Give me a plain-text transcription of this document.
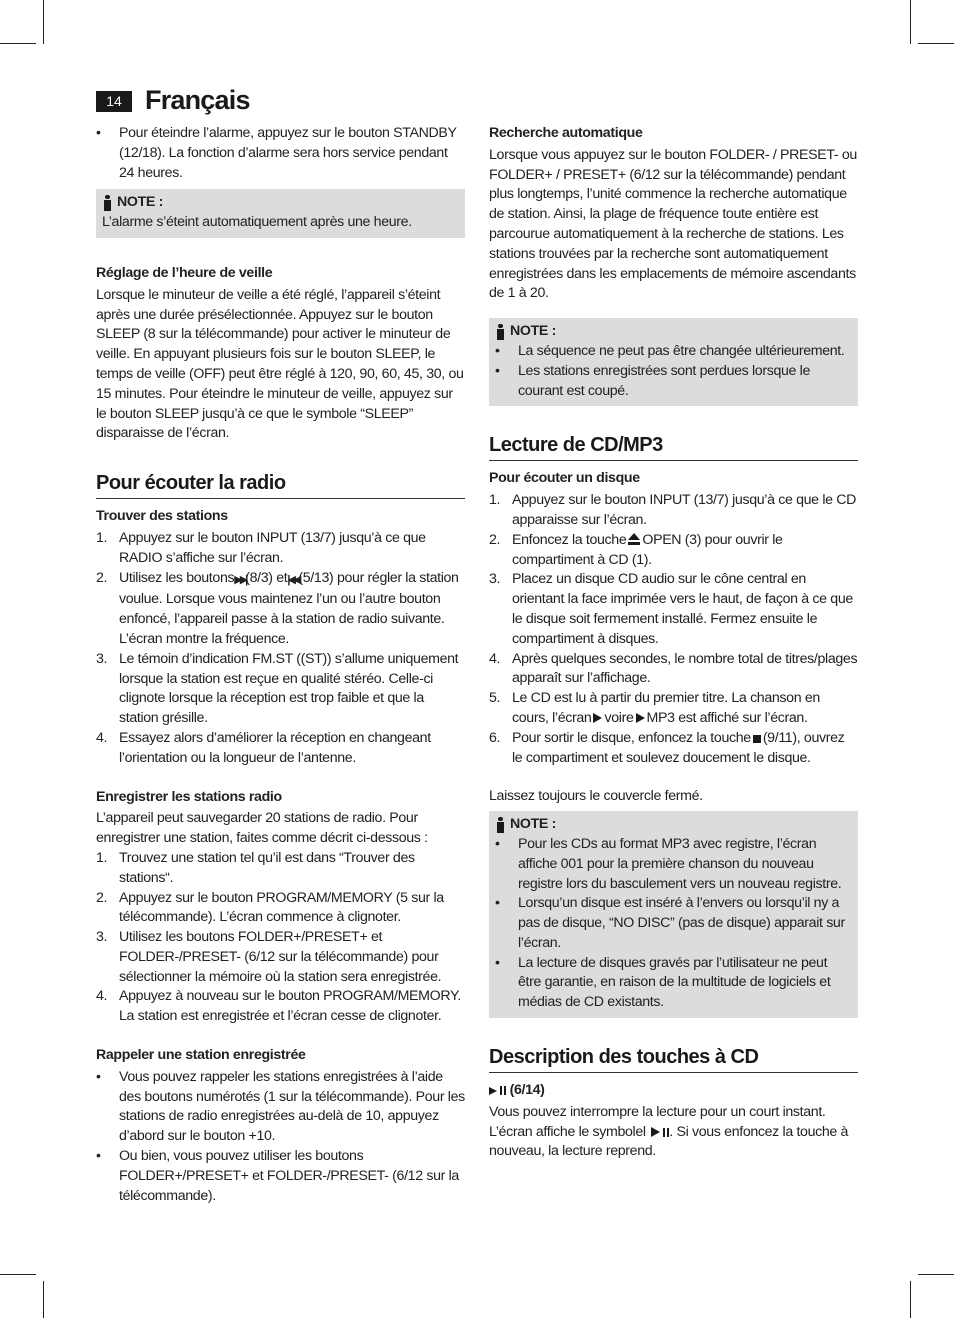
14 Français
• Pour éteindre l’alarme, appuyez sur le bouton STANDBY (12/18). La fonction d’alarme sera hors service pendant 24 heures.
NOTE :

L’alarme s’éteint automatiquement après une heure.

Réglage de l’heure de veille

Lorsque le minuteur de veille a été réglé, l’appareil s’éteint après une durée présélectionnée. Appuyez sur le bouton SLEEP (8 sur la télécommande) pour activer le minuteur de veille. En appuyant plusieurs fois sur le bouton SLEEP, le temps de veille (OFF) peut être réglé à 120, 90, 60, 45, 30, ou 15 minutes. Pour éteindre le minuteur de veille, appuyez sur le bouton SLEEP jusqu’à ce que le symbole “SLEEP” disparaisse de l’écran.

Pour écouter la radio

Trouver des stations

1. Appuyez sur le bouton INPUT (13/7) jusqu’à ce que RADIO s’affiche sur l’écran.
2. Utilisez les boutons▶▶|(8/3) et|◀◀(5/13) pour régler la station voulue. Lorsque vous maintenez l’un ou l’autre bouton enfoncé, l’appareil passe à la station de radio suivante. L’écran montre la fréquence.
3. Le témoin d’indication FM.ST ((ST)) s’allume uniquement lorsque la station est reçue en qualité stéréo. Celle-ci clignote lorsque la réception est trop faible et que la station grésille.
4. Essayez alors d’améliorer la réception en changeant l’orientation ou la longueur de l’antenne.

Enregistrer les stations radio

L’appareil peut sauvegarder 20 stations de radio. Pour enregistrer une station, faites comme décrit ci-dessous :

1. Trouvez une station tel qu’il est dans “Trouver des stations“.
2. Appuyez sur le bouton PROGRAM/MEMORY (5 sur la télécommande). L’écran commence à clignoter.
3. Utilisez les boutons FOLDER+/PRESET+ et FOLDER-/PRESET- (6/12 sur la télécommande) pour sélectionner la mémoire où la station sera enregistrée.
4. Appuyez à nouveau sur le bouton PROGRAM/MEMORY. La station est enregistrée et l’écran cesse de clignoter.

Rappeler une station enregistrée

• Vous pouvez rappeler les stations enregistrées à l’aide des boutons numérotés (1 sur la télécommande). Pour les stations de radio enregistrées au-delà de 10, appuyez d’abord sur le bouton +10.
• Ou bien, vous pouvez utiliser les boutons FOLDER+/PRESET+ et FOLDER-/PRESET- (6/12 sur la télécommande).

Recherche automatique

Lorsque vous appuyez sur le bouton FOLDER- / PRESET- ou FOLDER+ / PRESET+ (6/12 sur la télécommande) pendant plus longtemps, l’unité commence la recherche automatique de station. Ainsi, la plage de fréquence toute entière est parcourue automatiquement à la recherche de stations. Les stations trouvées par la recherche sont automatiquement enregistrées dans les emplacements de mémoire ascendants de 1 à 20.

NOTE :
• La séquence ne peut pas être changée ultérieurement.
• Les stations enregistrées sont perdues lorsque le courant est coupé.
Lecture de CD/MP3

Pour écouter un disque

1. Appuyez sur le bouton INPUT (13/7) jusqu’à ce que le CD apparaisse sur l’écran.
2. Enfoncez la touche OPEN (3) pour ouvrir le compartiment à CD (1).
3. Placez un disque CD audio sur le cône central en orientant la face imprimée vers le haut, de façon à ce que le disque soit fermement installé. Fermez ensuite le compartiment à disques.
4. Après quelques secondes, le nombre total de titres/plages apparaît sur l’affichage.
5. Le CD est lu à partir du premier titre. La chanson en cours, l’écran voire MP3 est affiché sur l’écran.
6. Pour sortir le disque, enfoncez la touche (9/11), ouvrez le compartiment et soulevez doucement le disque.

Laissez toujours le couvercle fermé.

NOTE :
• Pour les CDs au format MP3 avec registre, l’écran affiche 001 pour la première chanson du nouveau registre lors du basculement vers un nouveau registre.
• Lorsqu’un disque est inséré à l’envers ou lorsqu’il ny a pas de disque, “NO DISC” (pas de disque) apparait sur l’écran.
• La lecture de disques gravés par l’utilisateur ne peut être garantie, en raison de la multitude de logiciels et médias de CD existants.
Description des touches à CD

(6/14)

Vous pouvez interrompre la lecture pour un court instant. L’écran affiche le symbolel . Si vous enfoncez la touche à nouveau, la lecture reprend.
